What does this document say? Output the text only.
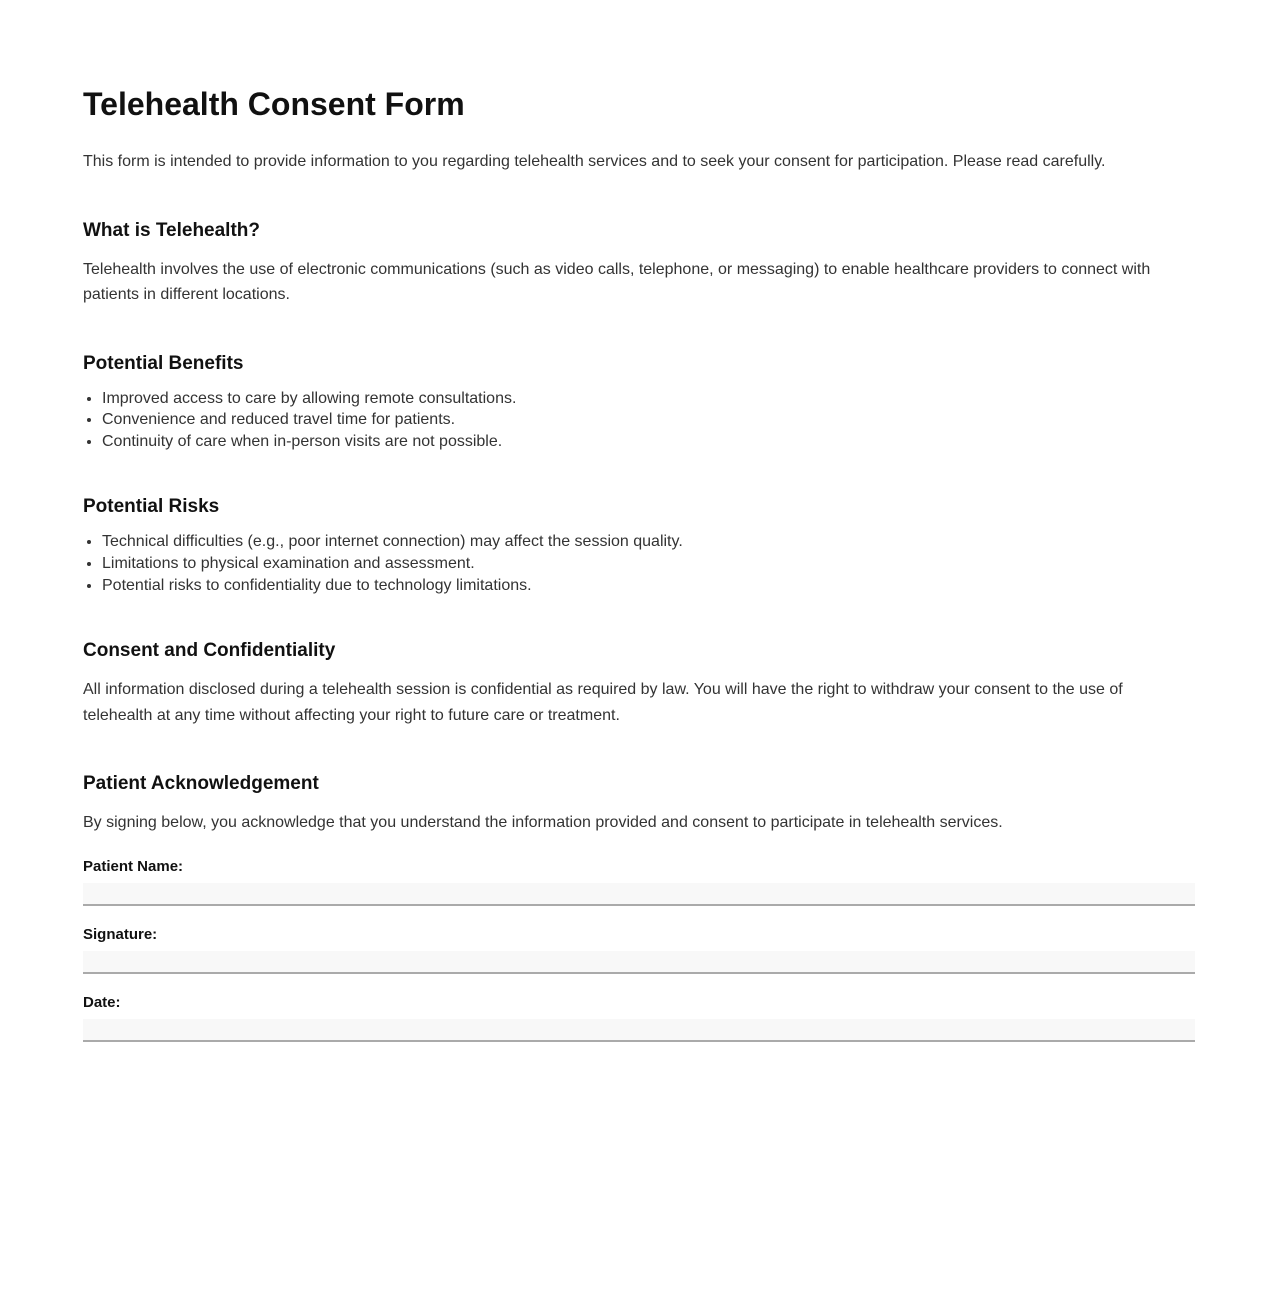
Telehealth Consent Form

This form is intended to provide information to you regarding telehealth services and to seek your consent for participation. Please read carefully.

What is Telehealth?

Telehealth involves the use of electronic communications (such as video calls, telephone, or messaging) to enable healthcare providers to connect with patients in different locations.

Potential Benefits
• Improved access to care by allowing remote consultations.
• Convenience and reduced travel time for patients.
• Continuity of care when in-person visits are not possible.
Potential Risks
• Technical difficulties (e.g., poor internet connection) may affect the session quality.
• Limitations to physical examination and assessment.
• Potential risks to confidentiality due to technology limitations.
Consent and Confidentiality

All information disclosed during a telehealth session is confidential as required by law. You will have the right to withdraw your consent to the use of telehealth at any time without affecting your right to future care or treatment.

Patient Acknowledgement

By signing below, you acknowledge that you understand the information provided and consent to participate in telehealth services.

Patient Name:
Signature:
Date:
